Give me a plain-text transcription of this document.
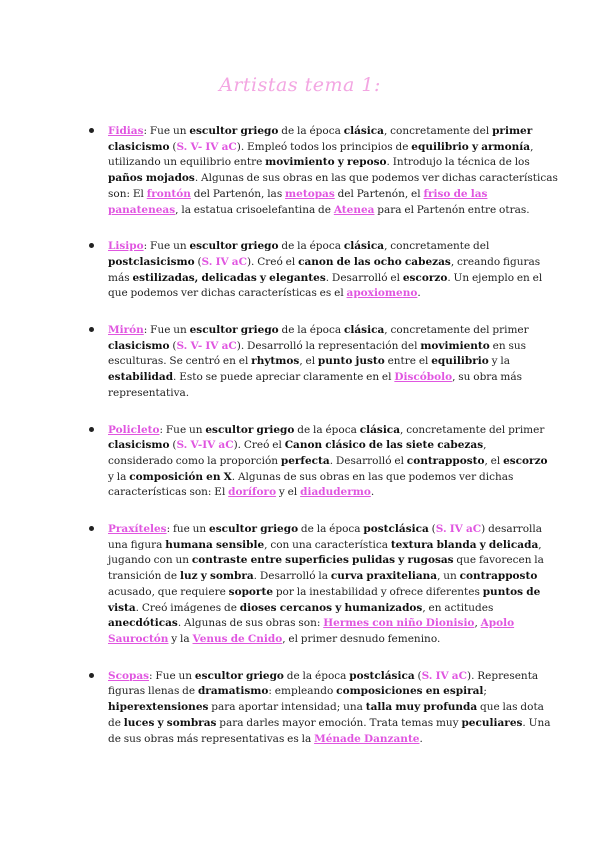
Artistas tema 1:
Fidias: Fue un escultor griego de la época clásica, concretamente del primer
clasicismo (S. V- IV aC). Empleó todos los principios de equilibrio y armonía,
utilizando un equilibrio entre movimiento y reposo. Introdujo la técnica de los
paños mojados. Algunas de sus obras en las que podemos ver dichas características
son: El frontón del Partenón, las metopas del Partenón, el friso de las
panateneas, la estatua crisoelefantina de Atenea para el Partenón entre otras.
Lisipo: Fue un escultor griego de la época clásica, concretamente del
postclasicismo (S. IV aC). Creó el canon de las ocho cabezas, creando figuras
más estilizadas, delicadas y elegantes. Desarrolló el escorzo. Un ejemplo en el
que podemos ver dichas características es el apoxiomeno.
Mirón: Fue un escultor griego de la época clásica, concretamente del primer
clasicismo (S. V- IV aC). Desarrolló la representación del movimiento en sus
esculturas. Se centró en el rhytmos, el punto justo entre el equilibrio y la
estabilidad. Esto se puede apreciar claramente en el Discóbolo, su obra más
representativa.
Policleto: Fue un escultor griego de la época clásica, concretamente del primer
clasicismo (S. V-IV aC). Creó el Canon clásico de las siete cabezas,
considerado como la proporción perfecta. Desarrolló el contrapposto, el escorzo
y la composición en X. Algunas de sus obras en las que podemos ver dichas
características son: El doríforo y el diadudermo.
Praxíteles: fue un escultor griego de la época postclásica (S. IV aC) desarrolla
una figura humana sensible, con una característica textura blanda y delicada,
jugando con un contraste entre superficies pulidas y rugosas que favorecen la
transición de luz y sombra. Desarrolló la curva praxiteliana, un contrapposto
acusado, que requiere soporte por la inestabilidad y ofrece diferentes puntos de
vista. Creó imágenes de dioses cercanos y humanizados, en actitudes
anecdóticas. Algunas de sus obras son: Hermes con niño Dionisio, Apolo
Sauroctón y la Venus de Cnido, el primer desnudo femenino.
Scopas: Fue un escultor griego de la época postclásica (S. IV aC). Representa
figuras llenas de dramatismo: empleando composiciones en espiral;
hiperextensiones para aportar intensidad; una talla muy profunda que las dota
de luces y sombras para darles mayor emoción. Trata temas muy peculiares. Una
de sus obras más representativas es la Ménade Danzante.
